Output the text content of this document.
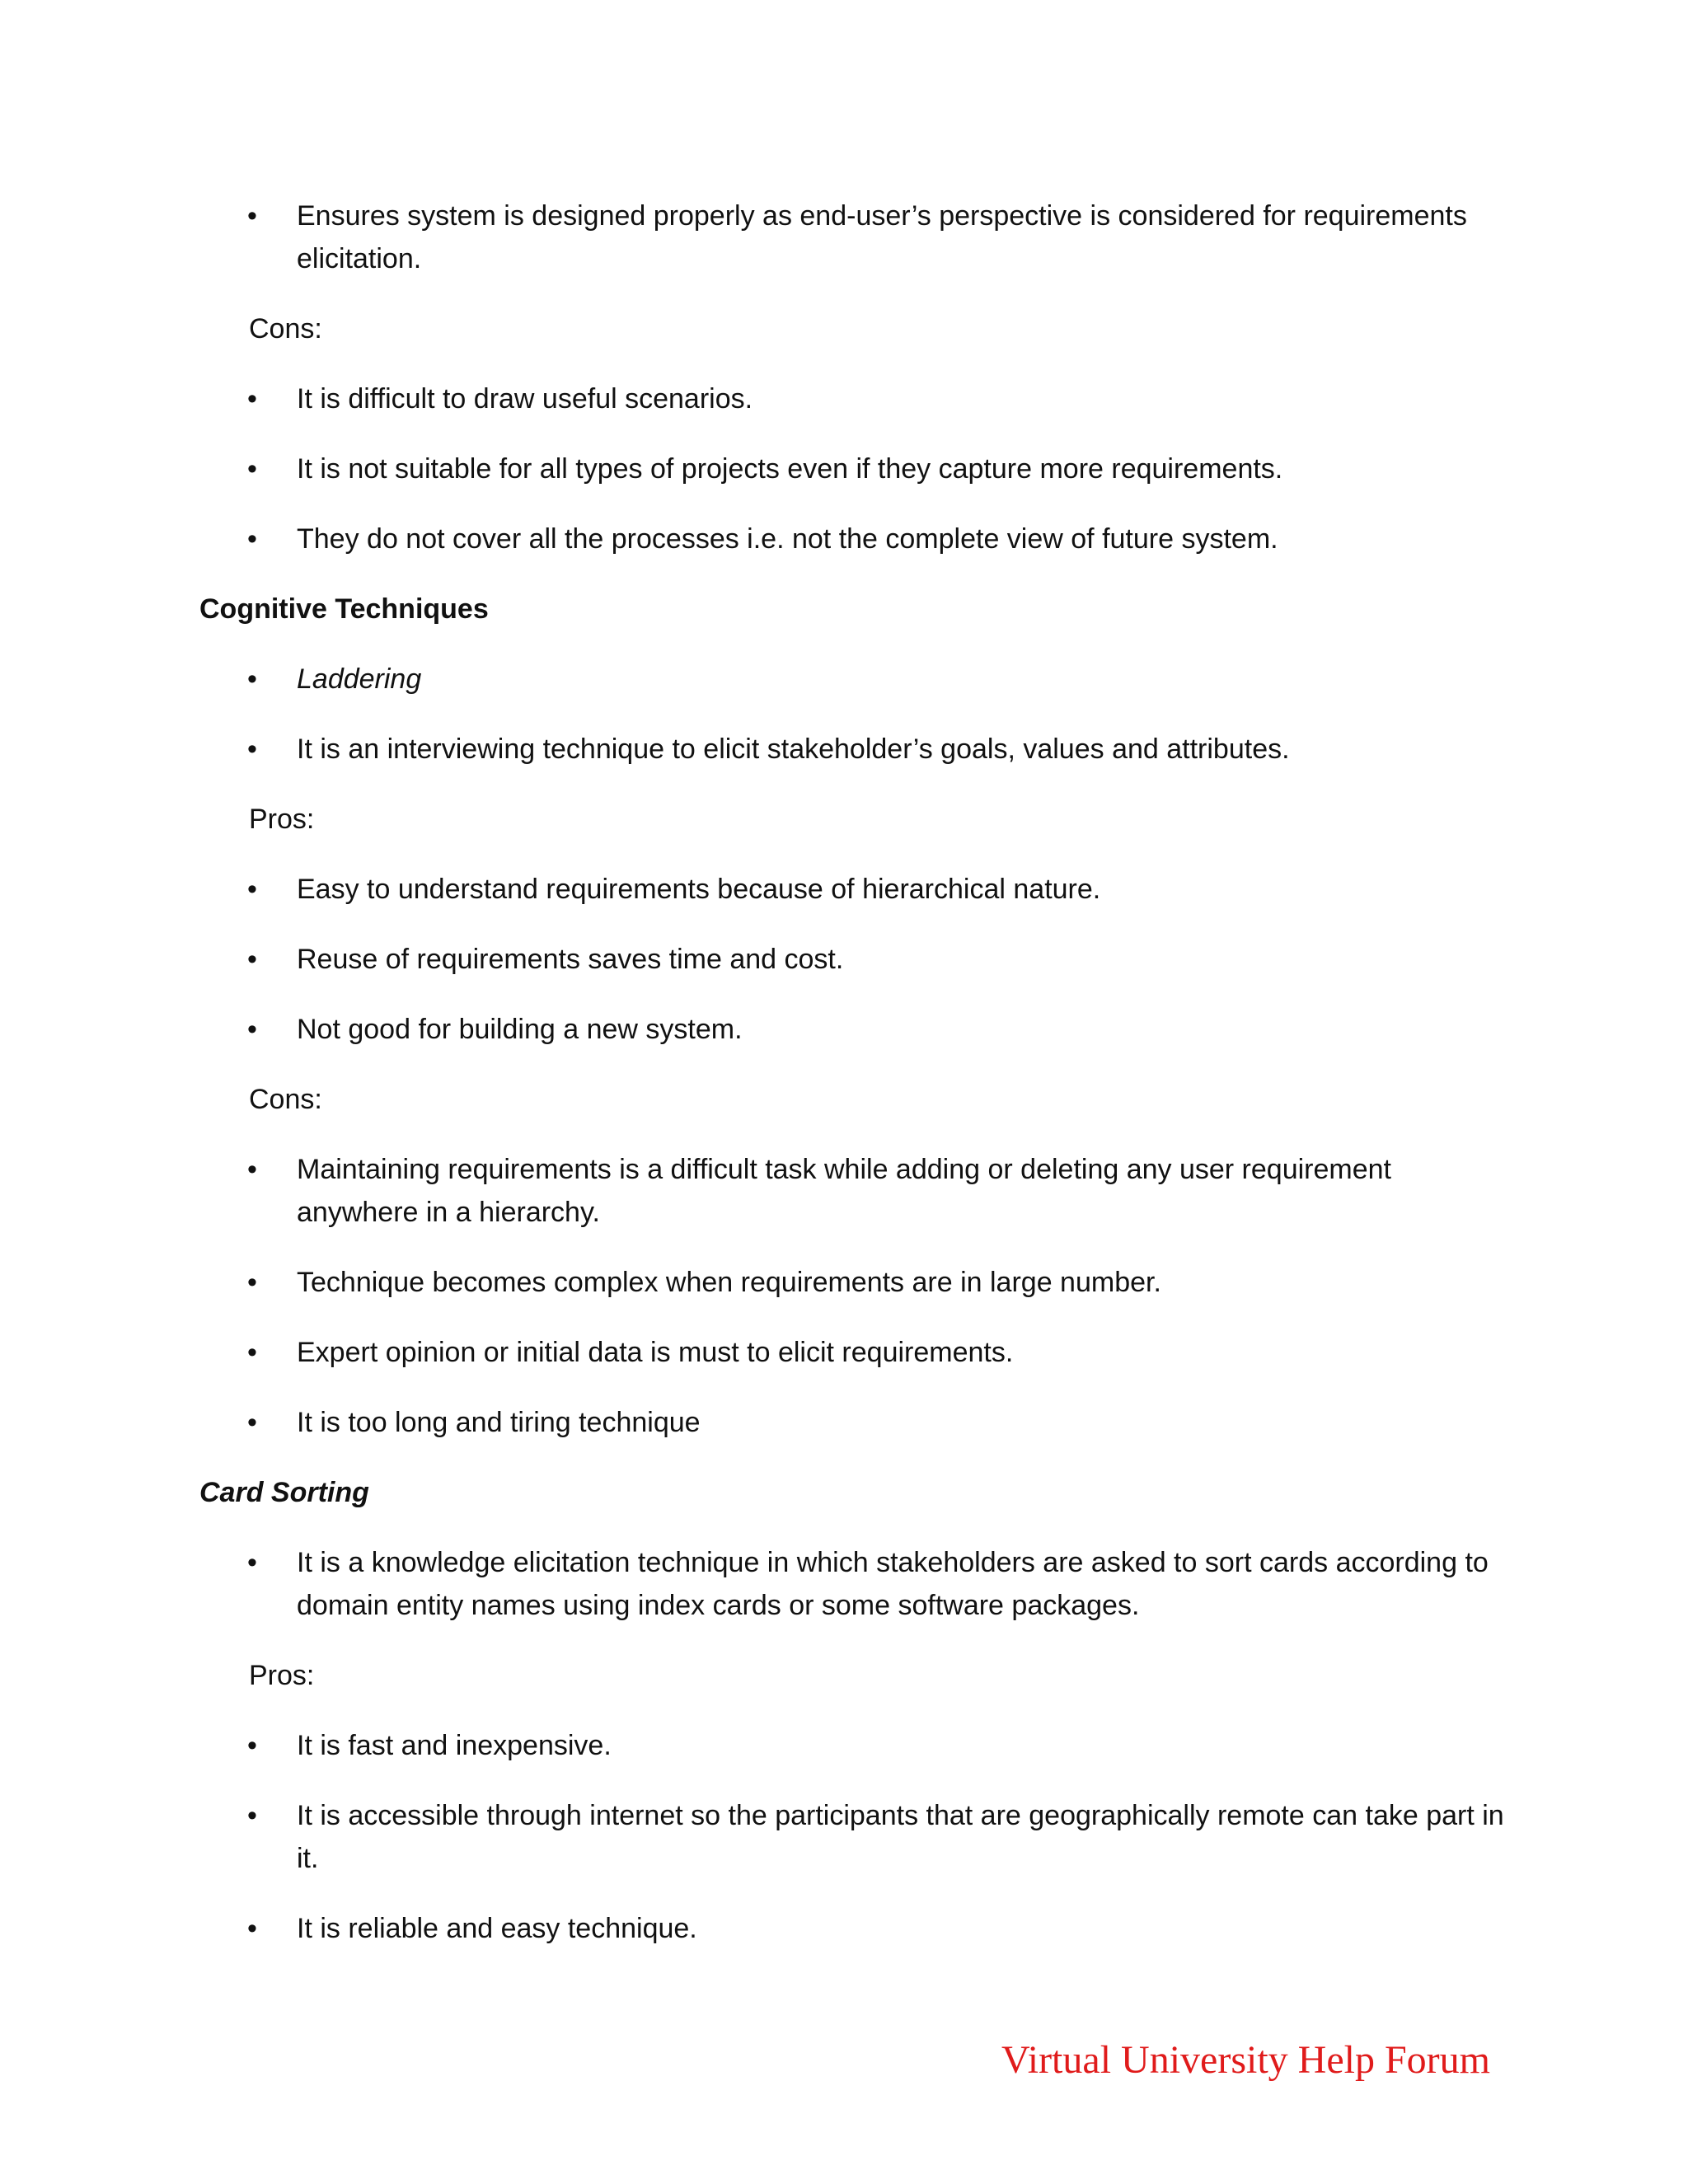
• Ensures system is designed properly as end-user’s perspective is considered for requirements elicitation.
Cons:
• It is difficult to draw useful scenarios.
• It is not suitable for all types of projects even if they capture more requirements.
• They do not cover all the processes i.e. not the complete view of future system.
Cognitive Techniques
• Laddering
• It is an interviewing technique to elicit stakeholder’s goals, values and attributes.
Pros:
• Easy to understand requirements because of hierarchical nature.
• Reuse of requirements saves time and cost.
• Not good for building a new system.
Cons:
• Maintaining requirements is a difficult task while adding or deleting any user requirement anywhere in a hierarchy.
• Technique becomes complex when requirements are in large number.
• Expert opinion or initial data is must to elicit requirements.
• It is too long and tiring technique
Card Sorting
• It is a knowledge elicitation technique in which stakeholders are asked to sort cards according to domain entity names using index cards or some software packages.
Pros:
• It is fast and inexpensive.
• It is accessible through internet so the participants that are geographically remote can take part in it.
• It is reliable and easy technique.
Virtual University Help Forum
